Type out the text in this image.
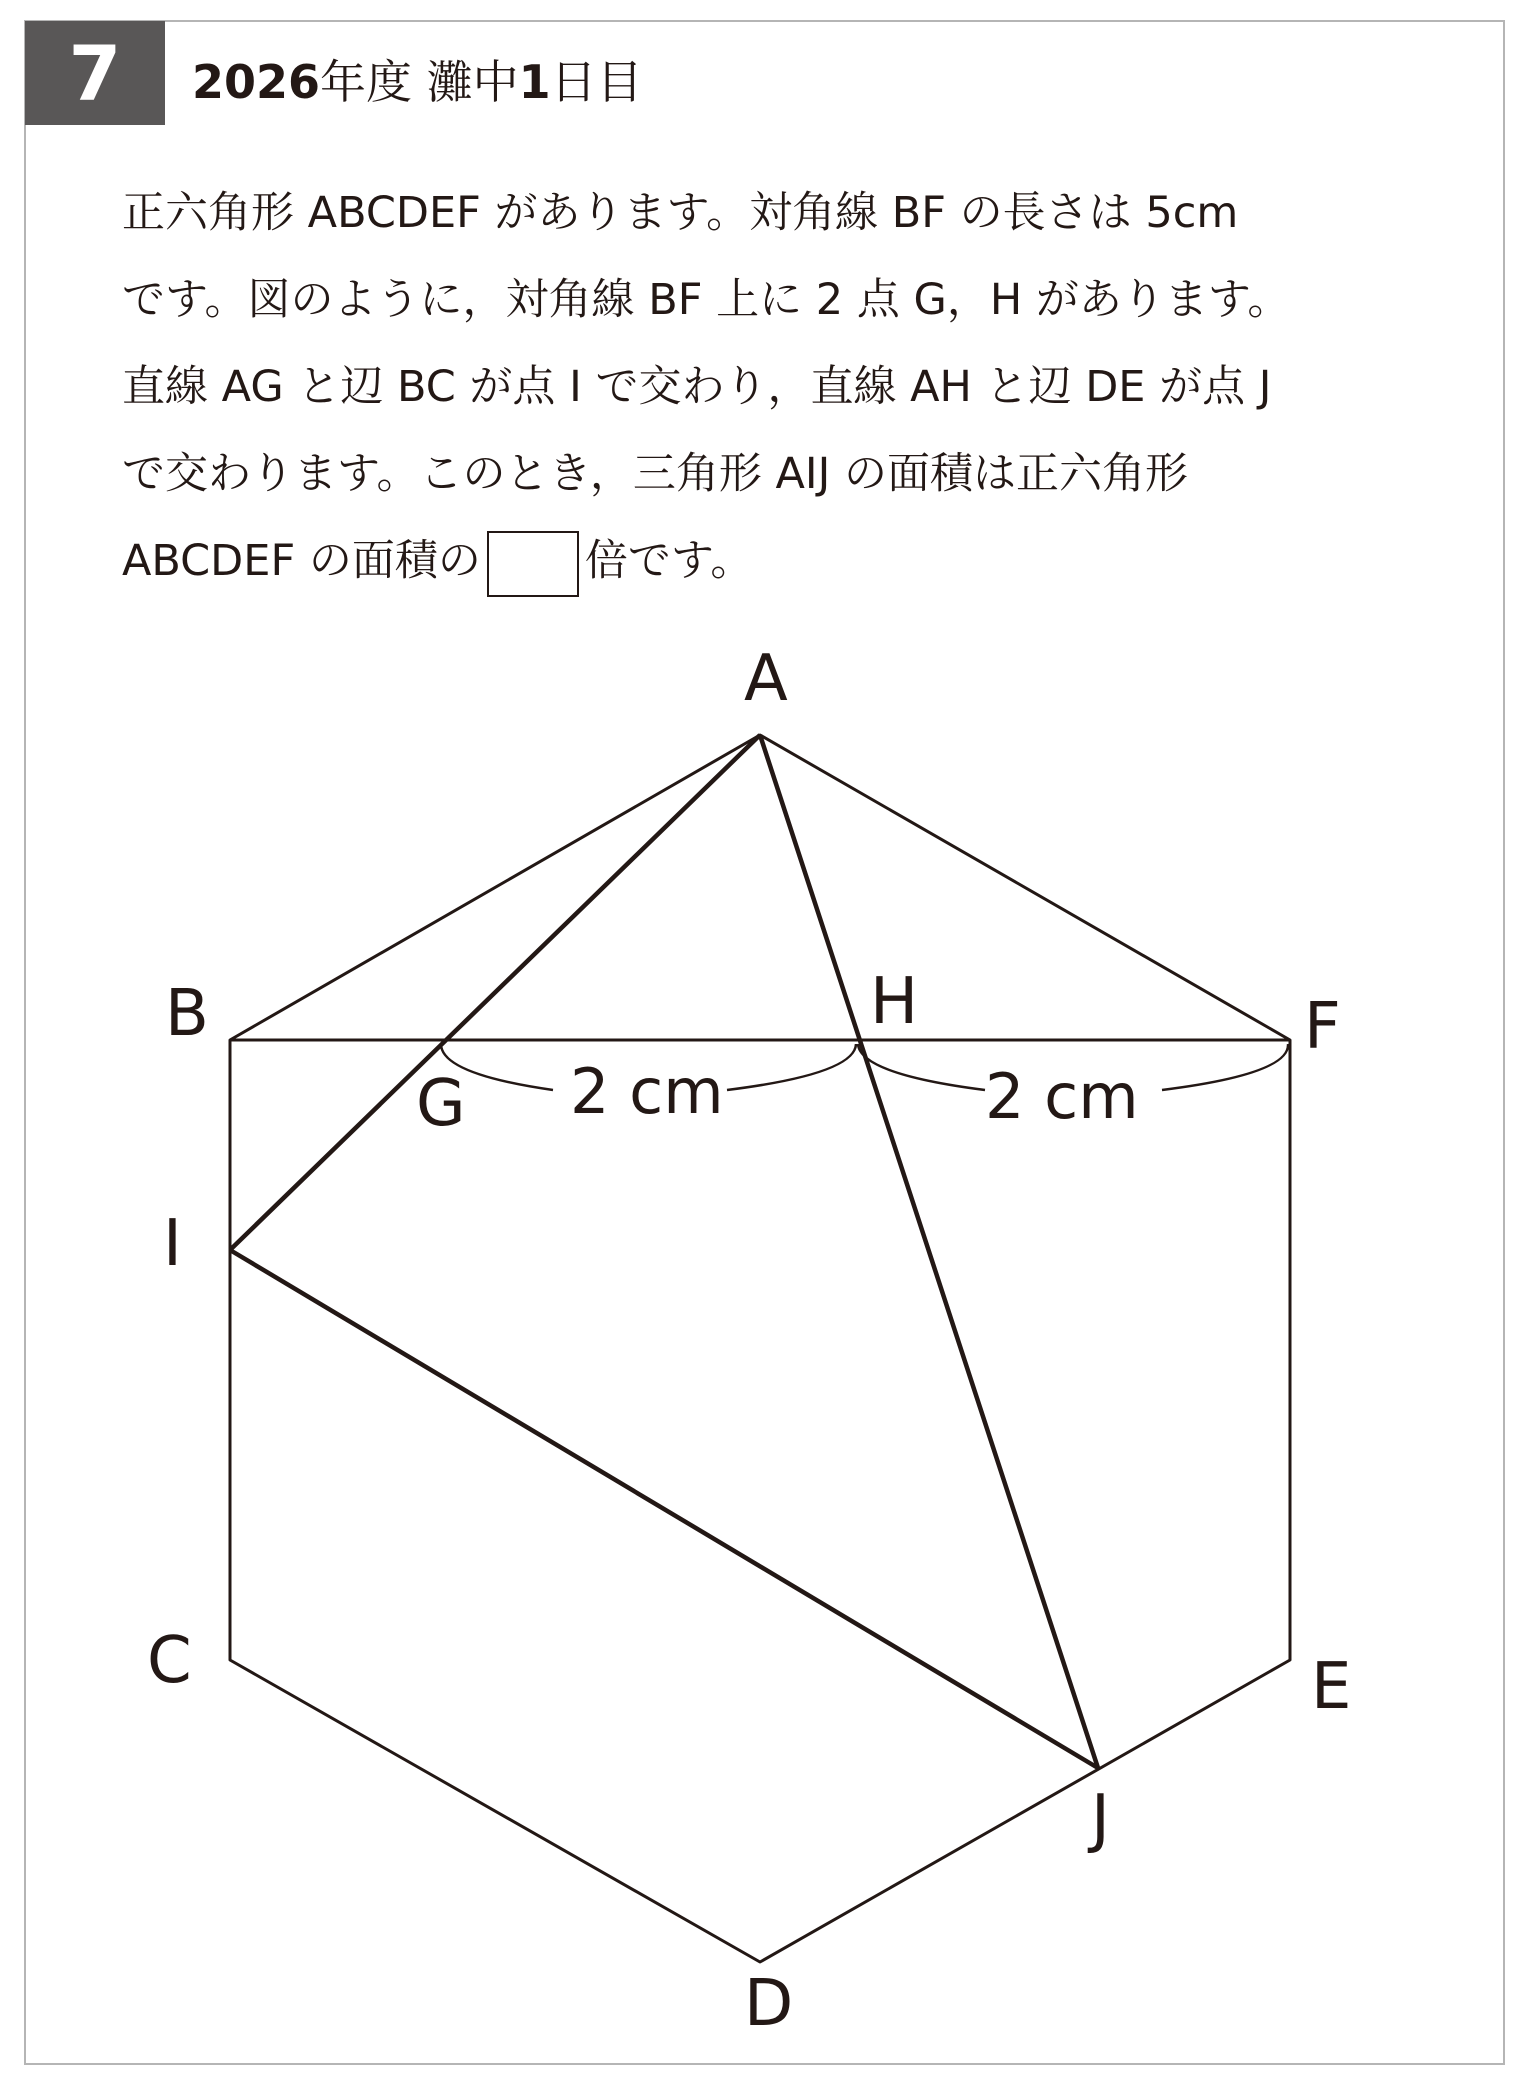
7 2026年度 灘中1日目
正六角形 ABCDEF があります。対角線 BF の長さは 5cm
です。図のように，対角線 BF 上に 2 点 G，H があります。
直線 AG と辺 BC が点 I で交わり，直線 AH と辺 DE が点 J
で交わります。このとき，三角形 AIJ の面積は正六角形
ABCDEF の面積の 倍です。
A
B
C
D
E
F
G
H
I
J
2 cm	2 cm
